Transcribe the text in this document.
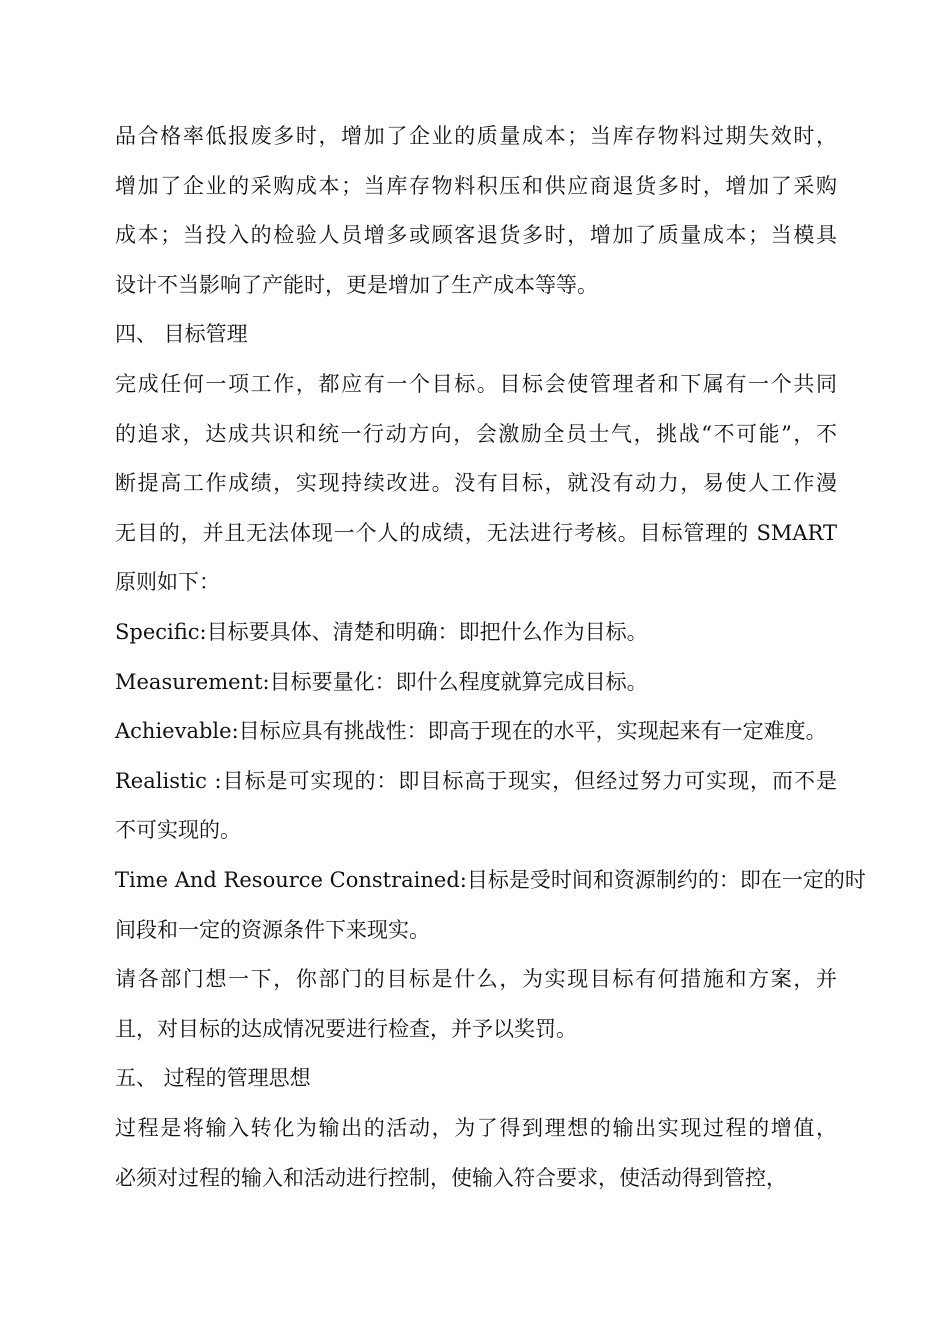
品合格率低报废多时，增加了企业的质量成本；当库存物料过期失效时，
增加了企业的采购成本；当库存物料积压和供应商退货多时，增加了采购
成本；当投入的检验人员增多或顾客退货多时，增加了质量成本；当模具
设计不当影响了产能时，更是增加了生产成本等等。
四、 目标管理
完成任何一项工作，都应有一个目标。目标会使管理者和下属有一个共同
的追求，达成共识和统一行动方向，会激励全员士气，挑战“不可能”，不
断提高工作成绩，实现持续改进。没有目标，就没有动力，易使人工作漫
无目的，并且无法体现一个人的成绩，无法进行考核。目标管理的 SMART
原则如下：
Specific:目标要具体、清楚和明确：即把什么作为目标。
Measurement:目标要量化：即什么程度就算完成目标。
Achievable:目标应具有挑战性：即高于现在的水平，实现起来有一定难度。
Realistic :目标是可实现的：即目标高于现实，但经过努力可实现，而不是
不可实现的。
Time And Resource Constrained:目标是受时间和资源制约的：即在一定的时
间段和一定的资源条件下来现实。
请各部门想一下，你部门的目标是什么，为实现目标有何措施和方案，并
且，对目标的达成情况要进行检查，并予以奖罚。
五、 过程的管理思想
过程是将输入转化为输出的活动，为了得到理想的输出实现过程的增值，
必须对过程的输入和活动进行控制，使输入符合要求，使活动得到管控，
